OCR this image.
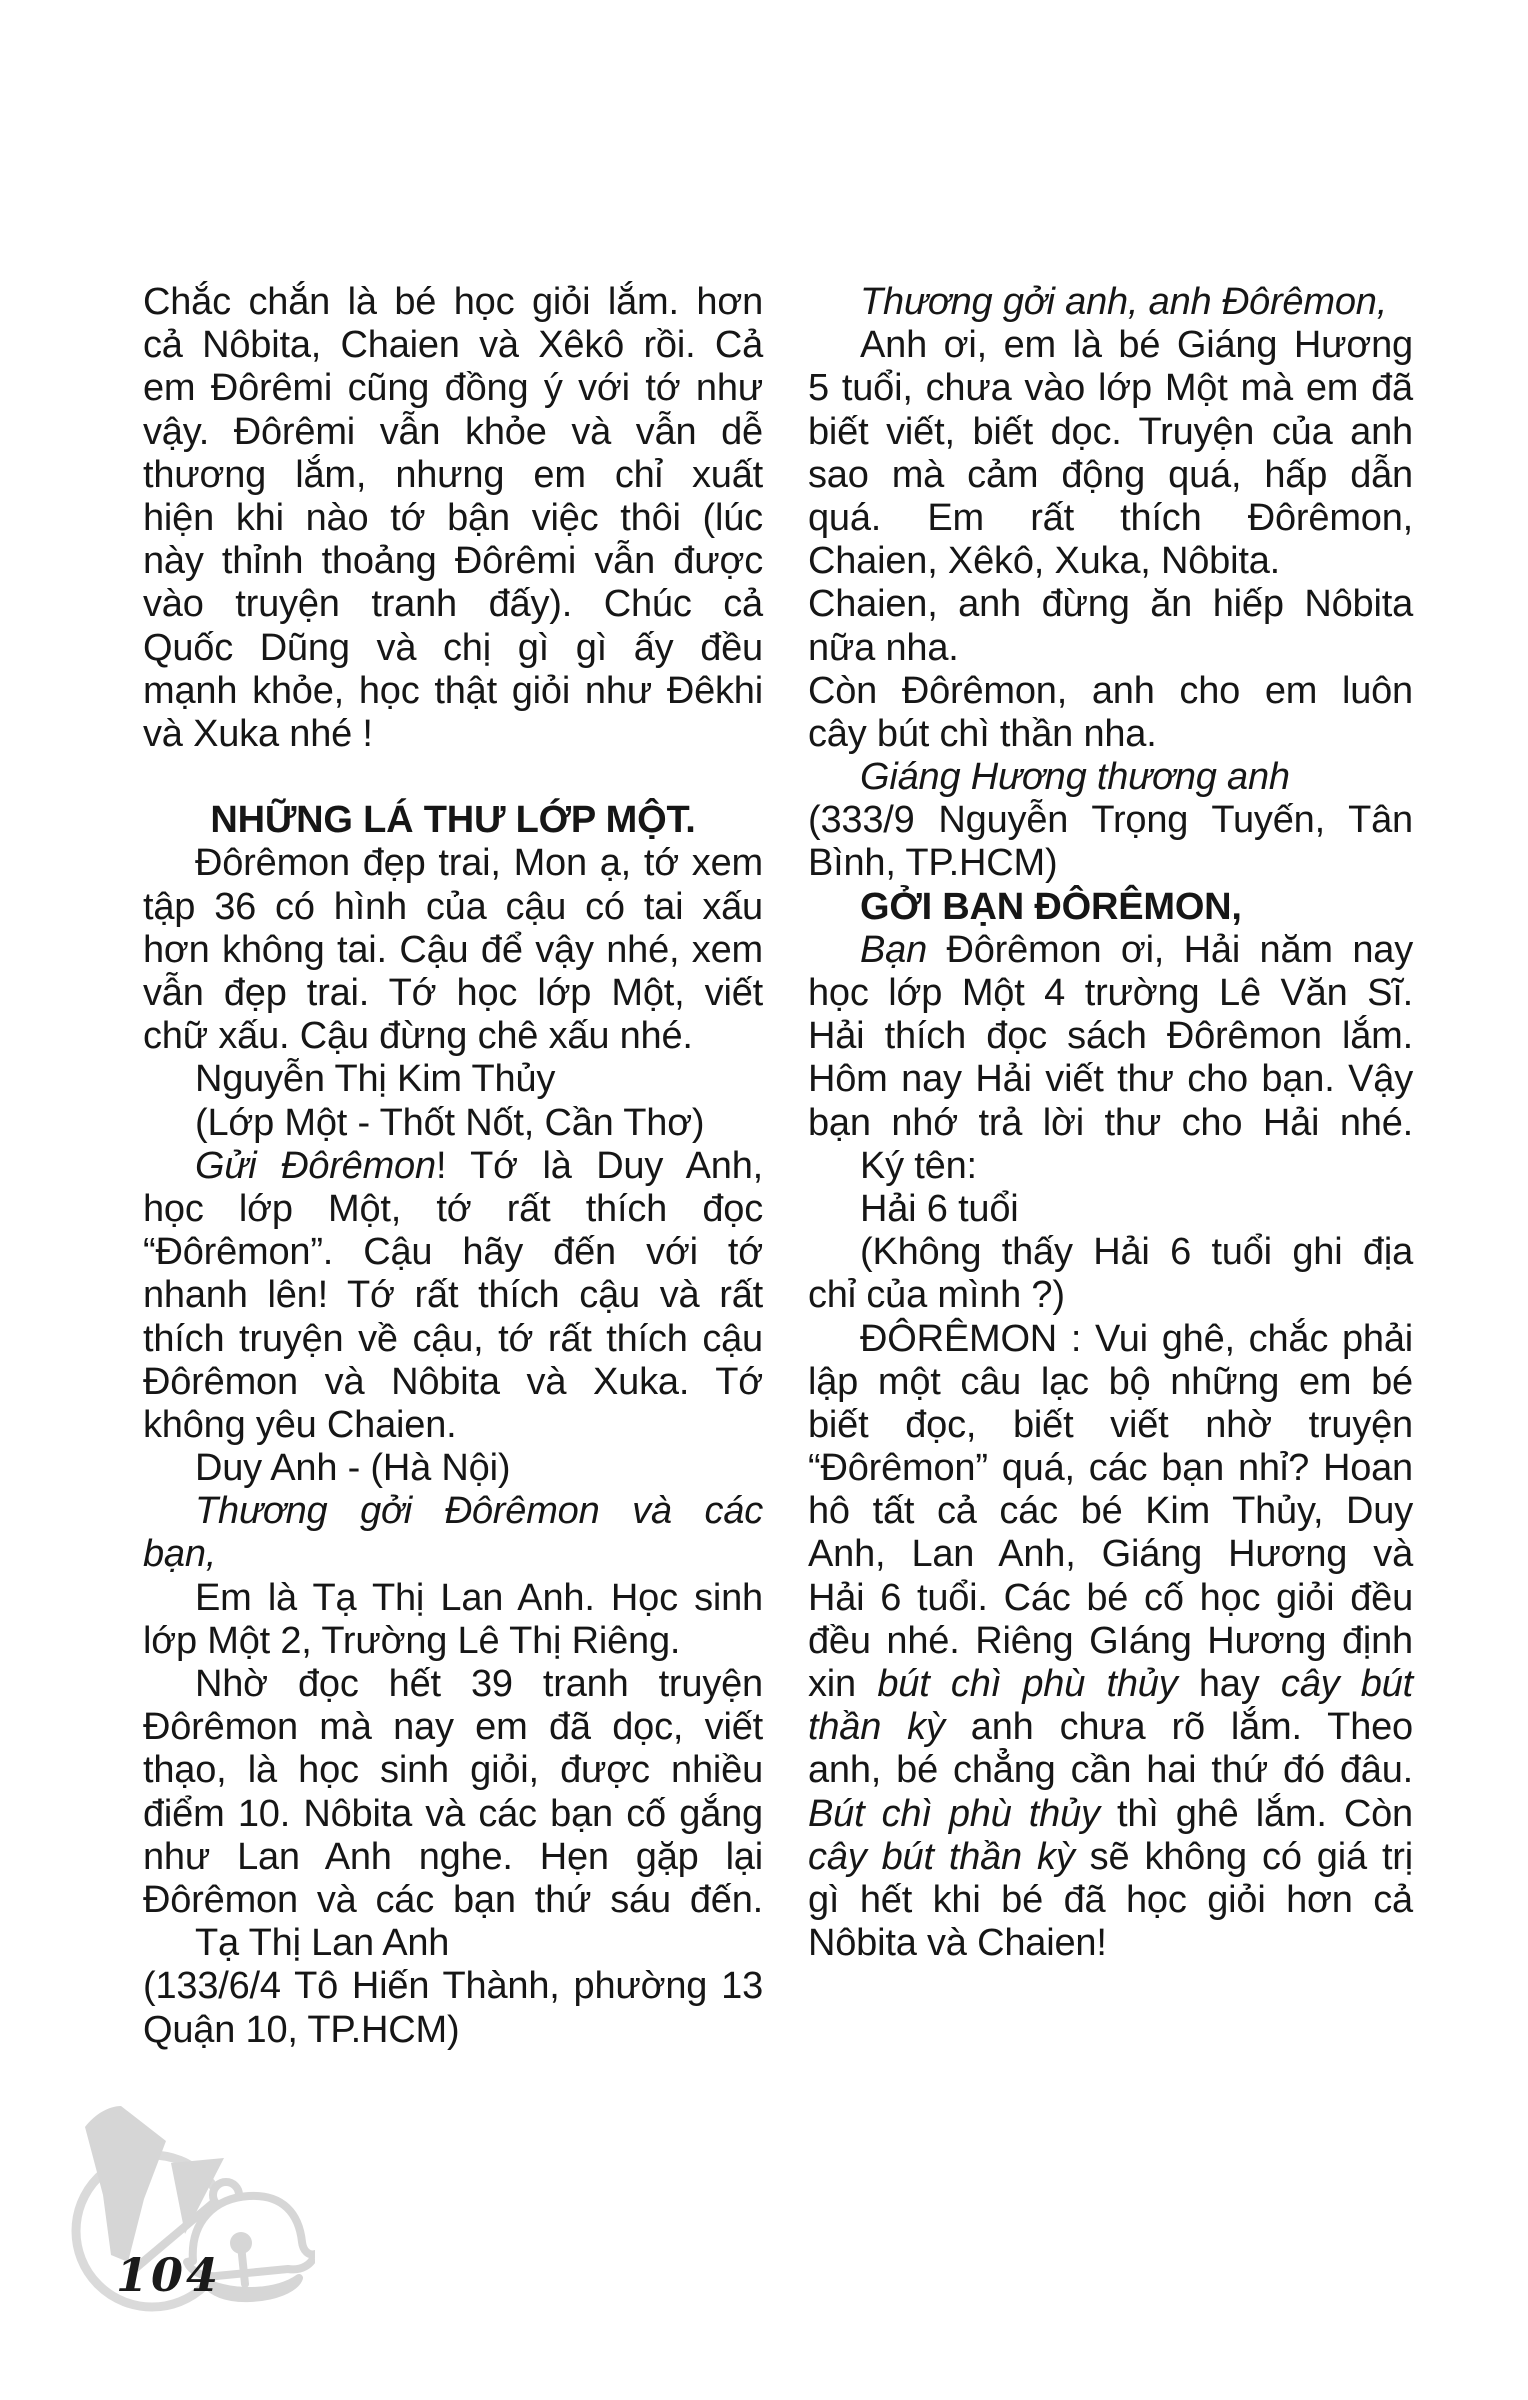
Chắc chắn là bé học giỏi lắm. hơn
cả Nôbita, Chaien và Xêkô rồi. Cả
em Đôrêmi cũng đồng ý với tớ như
vậy. Đôrêmi vẫn khỏe và vẫn dễ
thương lắm, nhưng em chỉ xuất
hiện khi nào tớ bận việc thôi (lúc
này thỉnh thoảng Đôrêmi vẫn được
vào truyện tranh đấy). Chúc cả
Quốc Dũng và chị gì gì ấy đều
mạnh khỏe, học thật giỏi như Đêkhi
và Xuka nhé !
NHỮNG LÁ THƯ LỚP MỘT.
Đôrêmon đẹp trai, Mon ạ, tớ xem
tập 36 có hình của cậu có tai xấu
hơn không tai. Cậu để vậy nhé, xem
vẫn đẹp trai. Tớ học lớp Một, viết
chữ xấu. Cậu đừng chê xấu nhé.
Nguyễn Thị Kim Thủy
(Lớp Một - Thốt Nốt, Cần Thơ)
Gửi Đôrêmon! Tớ là Duy Anh,
học lớp Một, tớ rất thích đọc
“Đôrêmon”. Cậu hãy đến với tớ
nhanh lên! Tớ rất thích cậu và rất
thích truyện về cậu, tớ rất thích cậu
Đôrêmon và Nôbita và Xuka. Tớ
không yêu Chaien.
Duy Anh - (Hà Nội)
Thương gởi Đôrêmon và các
bạn,
Em là Tạ Thị Lan Anh. Học sinh
lớp Một 2, Trường Lê Thị Riêng.
Nhờ đọc hết 39 tranh truyện
Đôrêmon mà nay em đã dọc, viết
thạo, là học sinh giỏi, được nhiều
điểm 10. Nôbita và các bạn cố gắng
như Lan Anh nghe. Hẹn gặp lại
Đôrêmon và các bạn thứ sáu đến.
Tạ Thị Lan Anh
(133/6/4 Tô Hiến Thành, phường 13
Quận 10, TP.HCM)
Thương gởi anh, anh Đôrêmon,
Anh ơi, em là bé Giáng Hương
5 tuổi, chưa vào lớp Một mà em đã
biết viết, biết dọc. Truyện của anh
sao mà cảm động quá, hấp dẫn
quá. Em rất thích Đôrêmon,
Chaien, Xêkô, Xuka, Nôbita.
Chaien, anh đừng ăn hiếp Nôbita
nữa nha.
Còn Đôrêmon, anh cho em luôn
cây bút chì thần nha.
Giáng Hương thương anh
(333/9 Nguyễn Trọng Tuyến, Tân
Bình, TP.HCM)
GỞI BẠN ĐÔRÊMON,
Bạn Đôrêmon ơi, Hải năm nay
học lớp Một 4 trường Lê Văn Sĩ.
Hải thích đọc sách Đôrêmon lắm.
Hôm nay Hải viết thư cho bạn. Vậy
bạn nhớ trả lời thư cho Hải nhé.
Ký tên:
Hải 6 tuổi
(Không thấy Hải 6 tuổi ghi địa
chỉ của mình ?)
ĐÔRÊMON : Vui ghê, chắc phải
lập một câu lạc bộ những em bé
biết đọc, biết viết nhờ truyện
“Đôrêmon” quá, các bạn nhỉ? Hoan
hô tất cả các bé Kim Thủy, Duy
Anh, Lan Anh, Giáng Hương và
Hải 6 tuổi. Các bé cố học giỏi đều
đều nhé. Riêng GIáng Hương định
xin bút chì phù thủy hay cây bút
thần kỳ anh chưa rõ lắm. Theo
anh, bé chẳng cần hai thứ đó đâu.
Bút chì phù thủy thì ghê lắm. Còn
cây bút thần kỳ sẽ không có giá trị
gì hết khi bé đã học giỏi hơn cả
Nôbita và Chaien!
104
